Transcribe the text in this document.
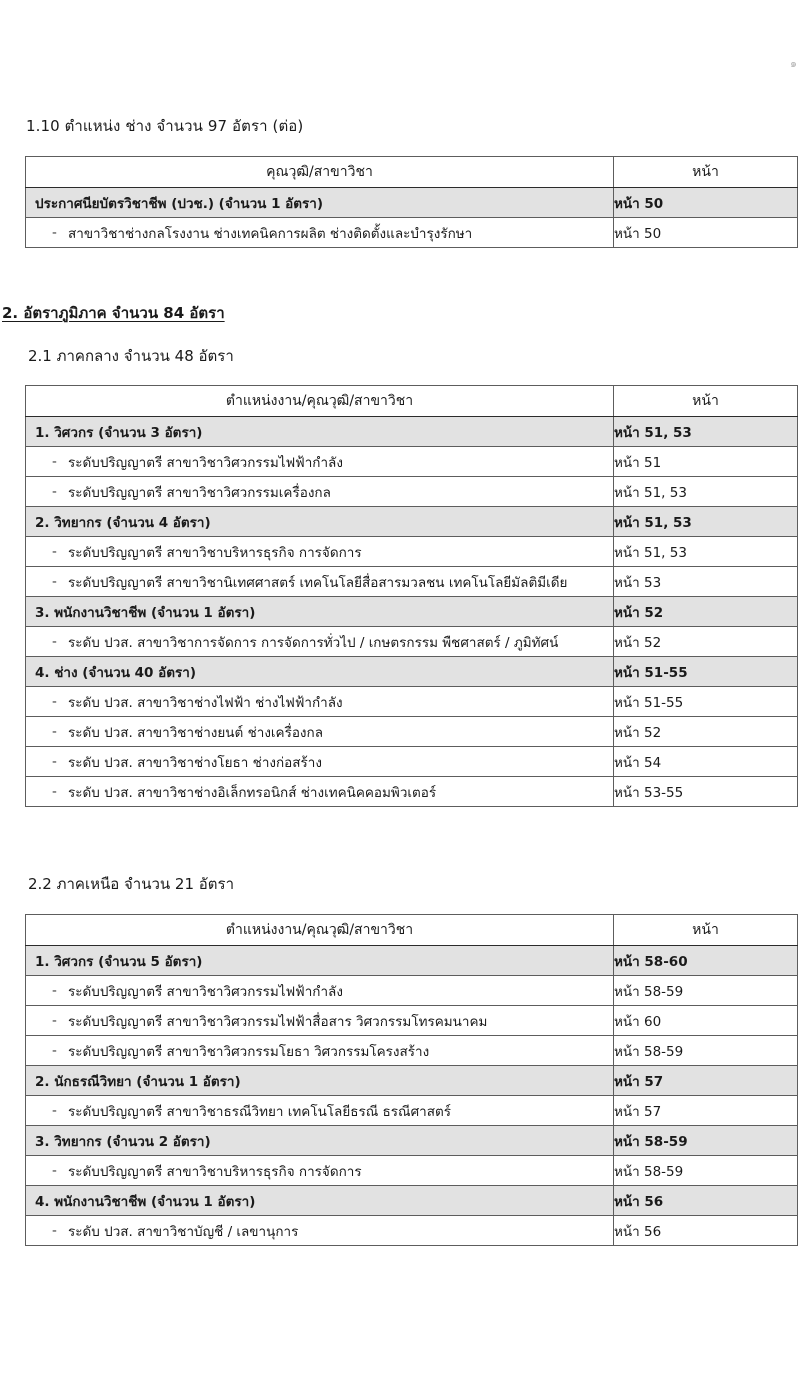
๑
1.10 ตำแหน่ง ช่าง จำนวน 97 อัตรา (ต่อ)
คุณวุฒิ/สาขาวิชา	หน้า
ประกาศนียบัตรวิชาชีพ (ปวช.) (จำนวน 1 อัตรา)	หน้า 50

- สาขาวิชาช่างกลโรงงาน ช่างเทคนิคการผลิต ช่างติดตั้งและบำรุงรักษา	หน้า 50
2. อัตราภูมิภาค จำนวน 84 อัตรา
2.1 ภาคกลาง จำนวน 48 อัตรา
ตำแหน่งงาน/คุณวุฒิ/สาขาวิชา	หน้า
1. วิศวกร (จำนวน 3 อัตรา)	หน้า 51, 53

- ระดับปริญญาตรี สาขาวิชาวิศวกรรมไฟฟ้ากำลัง	หน้า 51

- ระดับปริญญาตรี สาขาวิชาวิศวกรรมเครื่องกล	หน้า 51, 53
2. วิทยากร (จำนวน 4 อัตรา)	หน้า 51, 53

- ระดับปริญญาตรี สาขาวิชาบริหารธุรกิจ การจัดการ	หน้า 51, 53

- ระดับปริญญาตรี สาขาวิชานิเทศศาสตร์ เทคโนโลยีสื่อสารมวลชน เทคโนโลยีมัลติมีเดีย	หน้า 53
3. พนักงานวิชาชีพ (จำนวน 1 อัตรา)	หน้า 52

- ระดับ ปวส. สาขาวิชาการจัดการ การจัดการทั่วไป / เกษตรกรรม พืชศาสตร์ / ภูมิทัศน์	หน้า 52
4. ช่าง (จำนวน 40 อัตรา)	หน้า 51-55

- ระดับ ปวส. สาขาวิชาช่างไฟฟ้า ช่างไฟฟ้ากำลัง	หน้า 51-55

- ระดับ ปวส. สาขาวิชาช่างยนต์ ช่างเครื่องกล	หน้า 52

- ระดับ ปวส. สาขาวิชาช่างโยธา ช่างก่อสร้าง	หน้า 54

- ระดับ ปวส. สาขาวิชาช่างอิเล็กทรอนิกส์ ช่างเทคนิคคอมพิวเตอร์	หน้า 53-55
2.2 ภาคเหนือ จำนวน 21 อัตรา
ตำแหน่งงาน/คุณวุฒิ/สาขาวิชา	หน้า
1. วิศวกร (จำนวน 5 อัตรา)	หน้า 58-60

- ระดับปริญญาตรี สาขาวิชาวิศวกรรมไฟฟ้ากำลัง	หน้า 58-59

- ระดับปริญญาตรี สาขาวิชาวิศวกรรมไฟฟ้าสื่อสาร วิศวกรรมโทรคมนาคม	หน้า 60

- ระดับปริญญาตรี สาขาวิชาวิศวกรรมโยธา วิศวกรรมโครงสร้าง	หน้า 58-59
2. นักธรณีวิทยา (จำนวน 1 อัตรา)	หน้า 57

- ระดับปริญญาตรี สาขาวิชาธรณีวิทยา เทคโนโลยีธรณี ธรณีศาสตร์	หน้า 57
3. วิทยากร (จำนวน 2 อัตรา)	หน้า 58-59

- ระดับปริญญาตรี สาขาวิชาบริหารธุรกิจ การจัดการ	หน้า 58-59
4. พนักงานวิชาชีพ (จำนวน 1 อัตรา)	หน้า 56

- ระดับ ปวส. สาขาวิชาบัญชี / เลขานุการ	หน้า 56
